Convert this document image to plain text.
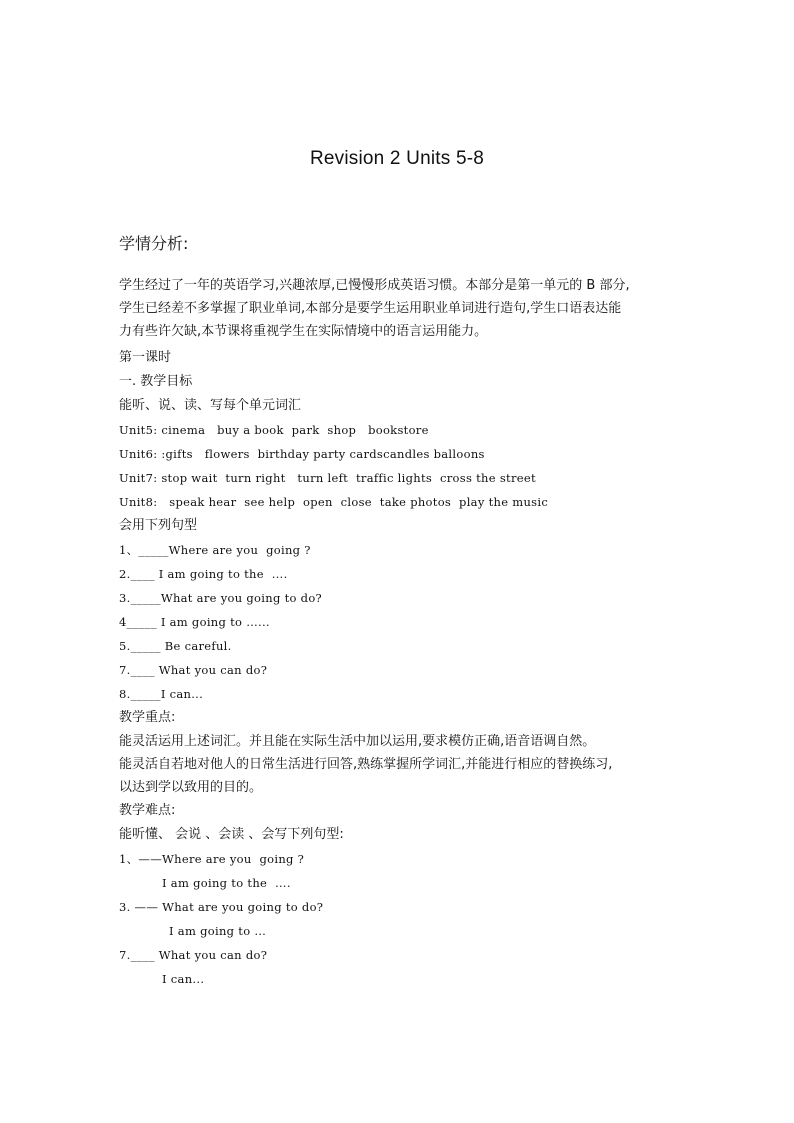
Revision 2 Units 5-8
学情分析:

学生经过了一年的英语学习,兴趣浓厚,已慢慢形成英语习惯。本部分是第一单元的 B 部分,

学生已经差不多掌握了职业单词,本部分是要学生运用职业单词进行造句,学生口语表达能

力有些许欠缺,本节课将重视学生在实际情境中的语言运用能力。

第一课时
一. 教学目标
能听、说、读、写每个单元词汇
Unit5: cinema   buy a book  park  shop   bookstore
Unit6: :gifts   flowers  birthday party cardscandles balloons
Unit7: stop wait  turn right   turn left  traffic lights  cross the street
Unit8:   speak hear  see help  open  close  take photos  play the music
会用下列句型
1、_____Where are you  going ?
2.____ I am going to the  ….
3._____What are you going to do?
4_____ I am going to …...
5._____ Be careful.
7.____ What you can do?
8._____I can...
教学重点:
能灵活运用上述词汇。并且能在实际生活中加以运用,要求模仿正确,语音语调自然。
能灵活自若地对他人的日常生活进行回答,熟练掌握所学词汇,并能进行相应的替换练习,
以达到学以致用的目的。
教学难点:
能听懂、 会说 、会读 、会写下列句型:
1、——Where are you  going ?
I am going to the  ….
3. —— What are you going to do?
I am going to …
7.____ What you can do?
I can...
